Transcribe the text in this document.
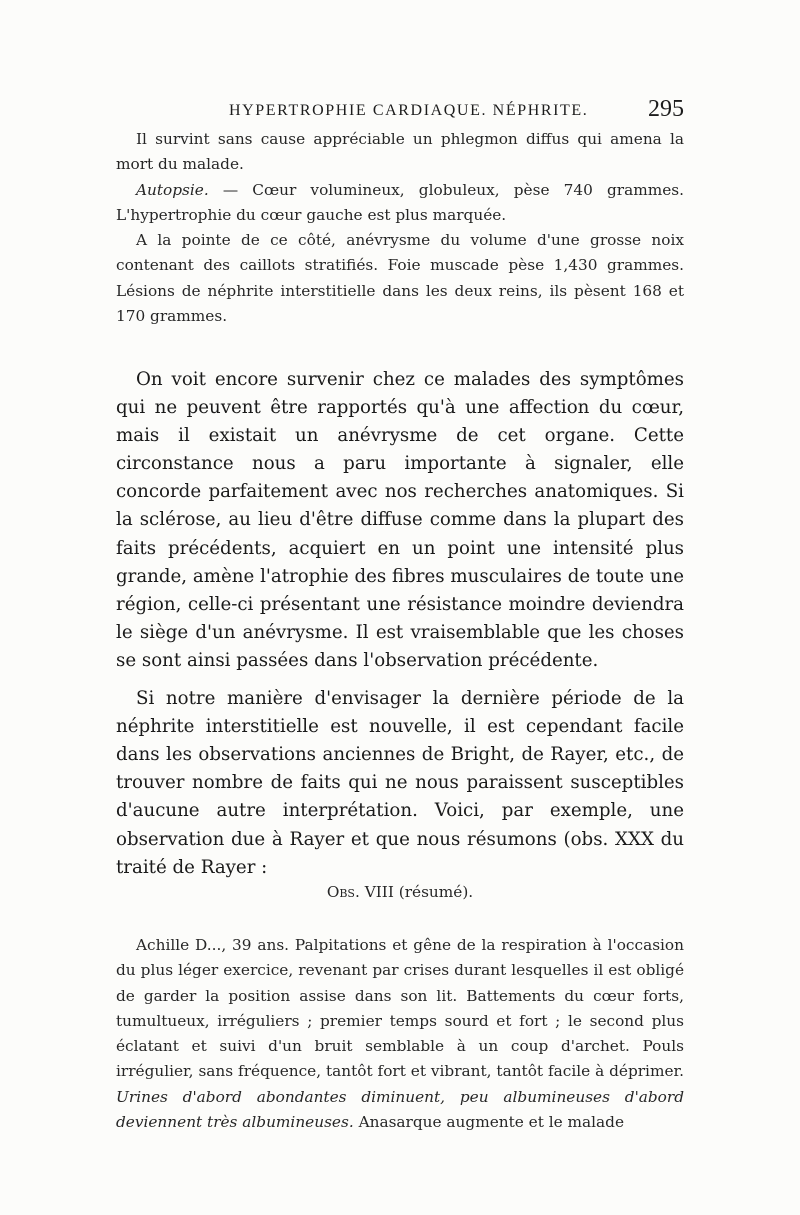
HYPERTROPHIE CARDIAQUE. NÉPHRITE. 295

Il survint sans cause appréciable un phlegmon diffus qui amena la mort du malade.

Autopsie. — Cœur volumineux, globuleux, pèse 740 grammes. L'hypertrophie du cœur gauche est plus marquée.

A la pointe de ce côté, anévrysme du volume d'une grosse noix contenant des caillots stratifiés. Foie muscade pèse 1,430 grammes. Lésions de néphrite interstitielle dans les deux reins, ils pèsent 168 et 170 grammes.

On voit encore survenir chez ce malades des symptômes qui ne peuvent être rapportés qu'à une affection du cœur, mais il existait un anévrysme de cet organe. Cette circonstance nous a paru importante à signaler, elle concorde parfaitement avec nos recherches anatomiques. Si la sclérose, au lieu d'être diffuse comme dans la plupart des faits précédents, acquiert en un point une intensité plus grande, amène l'atrophie des fibres musculaires de toute une région, celle-ci présentant une résistance moindre deviendra le siège d'un anévrysme. Il est vraisemblable que les choses se sont ainsi passées dans l'observation précédente.

Si notre manière d'envisager la dernière période de la néphrite interstitielle est nouvelle, il est cependant facile dans les observations anciennes de Bright, de Rayer, etc., de trouver nombre de faits qui ne nous paraissent susceptibles d'aucune autre interprétation. Voici, par exemple, une observation due à Rayer et que nous résumons (obs. XXX du traité de Rayer :

Obs. VIII (résumé).

Achille D..., 39 ans. Palpitations et gêne de la respiration à l'occasion du plus léger exercice, revenant par crises durant lesquelles il est obligé de garder la position assise dans son lit. Battements du cœur forts, tumultueux, irréguliers ; premier temps sourd et fort ; le second plus éclatant et suivi d'un bruit semblable à un coup d'archet. Pouls irrégulier, sans fréquence, tantôt fort et vibrant, tantôt facile à déprimer. Urines d'abord abondantes diminuent, peu albumineuses d'abord deviennent très albumineuses. Anasarque augmente et le malade
